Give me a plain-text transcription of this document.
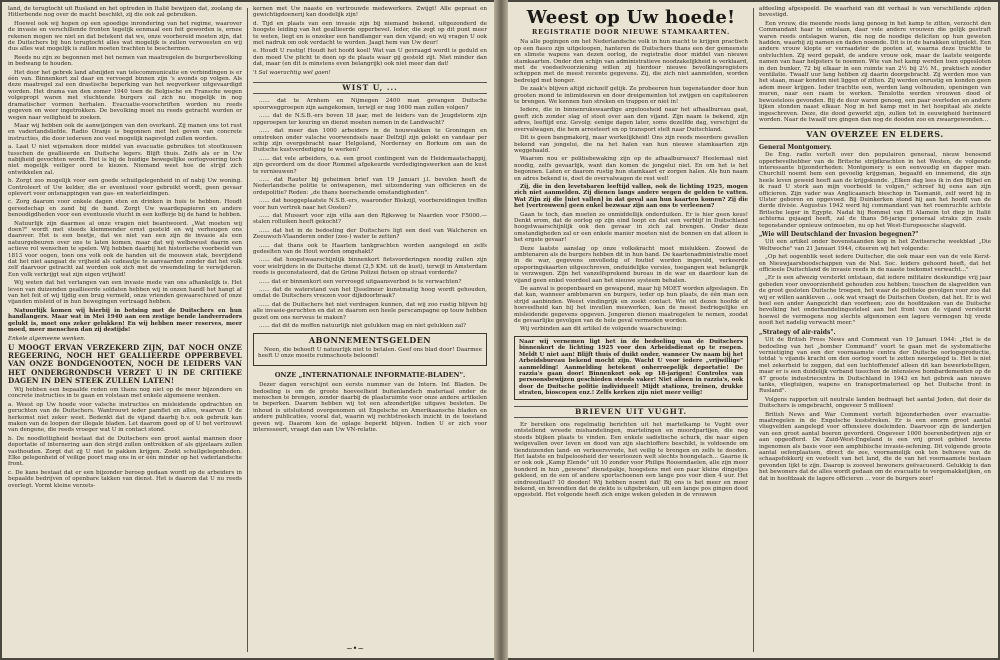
land, de terugtocht uit Rusland en het optreden in Italië bewijzen dat, zoolang de Hitlerbende nog over de macht beschikt, zij die ook zal gebruiken.

Hoewel ook wij hopen op een spoedige inrondering van het regime, waarover de invasie en verschillende fronten tegelijk eenmaal een feit geworden is, ernee rekenen mogen we niet en dat betekent dat we, onze voorbereid moeten zijn, dat de Duitschers bij hun terugtocht alles wat mogelijk is zullen verwoesten en wij dus alles wat mogelijk is zullen moeten trachten te beschermen.

Reeds nu zijn ze begonnen met het nemen van maatregelen de burgerbevolking in bedwang te houden.

Het door het gebrek land afsnijden van telecommunicatie en verbindingen is er één van. Binnenkort zal daar en vervoegd binnen zijn 's avonds op volgen. Als deze maatregel zal een drastische beperking van het wegverkeer uitgevaardigd worden. Het drama van den zomer 1940 toen de Belgische en Fransche wegen volgepropt waren met vluchtende burgers zal zich nu mogelijk in nog dramatischer vormen herhalen. Evacuatie-voorschriften worden nu reeds gegeven en weer ingetrokken. De bevolking moet nu reeds getracht worden er wegen naar veiligheid te zoeken.

Maar wij hebben ook de aanwijzingen van den overkant. Zij manen ons tot rust en vaderlandsliefde. Radio Oranje is begonnen met het geven van concrete instructies, die door iedereen zoo veel mogelijk nagevolgd zullen worden.

a. Laat U niet wijsmaken door middel van evacuatie gebruikes tot stootkussen tusschen de geallieerde en Duitsche legers. Blijft thuis. Zelfs als er in Uw nabijheid gevochten wordt. Het is bij de huidige bewegelijke oorlogvoering toch niet mogelijk veiliger oord te kiezen. Niemand weet hoe de strijd zich ontwikkelen zal.

b. Zorgt zoo mogelijk voor een goede schuilgelegenheid in of nabij Uw woning. Controleert of Uw kelder, die er eventueel voor gebruikt wordt, geen gevaar oplevert voor ontsnappingen van gas- en waterleidingen.

c. Zorg daarom voor enkele dagen eten en drinken in huis te hebben. Houdt gereedschap en zand bij de hand. Zorgt Uw waardepapieren en andere benoodigdheden voor een eventueele vlucht in een kofferje bij de hand te hebben.

Natuurlijk zijn daarmee al onze vragen niet beantwoord. „Wat moeten wij doen?" wordt met steeds klemmender ernst gesteld en wij verheugen ons daarover. Het is een beetje, dat we niet van een zijn de invasie als een natuurgebeuren over ons te laten komen, maar dat wij welbewust daarin een actieve rol wenschen te spelen. Wij hebben daarbij het historische voorbeeld van 1813 voor oogen, toen ons volk ook de handen uit de mouwen stak, bevrijdend dat het niet aangaat de vrijheid als cadeautje te aanvaarden zonder dat het volk zelf daarvoor getracht zal worden ook zich met de vreemdeling te verwijderen. Een volk verkrijgt wat zijn eigen vrijheid!

Wij weten dat het verlangen van een invasie mede van ons afhankelijk is. Het leven van duizenden geallieerde soldaten hebben wij in onzen handl het hangt af van het feit of wij tijdig een brug vermeld, onze vrienden gewaarschuwd of onze vijanden misleid of in hun bewegingen vertraagd hebben.

Natuurlijk komen wij hierbij in botsing met de Duitschers en hun handlangers. Maar wat in Mei 1940 aan een zestige bende landverraders gelukt is, moet ons zeker gelukken! En wij hebben meer reserves, meer moed, meer menschen dan zij destijds!

Enkele algemeene wenken.

U MOOGT ERVAN VERZEKERD ZIJN, DAT NOCH ONZE REGEERING, NOCH HET GEALLIEERDE OPPERBEVEL VAN ONZE BONDGENOOTEN, NOCH DE LEIDERS VAN HET ONDERGRONDSCH VERZET U IN DE CRITIEKE DAGEN IN DEN STEEK ZULLEN LATEN!

Wij hebben een bepaalde reden om thans nog niet op de meer bijzondere en concrete instructies in te gaan en volstaan met enkele algemeene wenken.

a. Weest op Uw hoede voor valsche instructies en misleidende opdrachten en geruchten van de Duitschers. Wantrouwt ieder pamflet en alles, waarvan U de herkomst niet zeker weet. Bedenkt dat de vijand daarbij b.v. ook gebruik kan maken van de loopen der illegale bladen. Let daarom goed op of U het vertrouwt van dengene, die reeds vroeger wat U in contact stond.

b. De noodlottigheid bestaat dat de Duitschers een groot aantal mannen door deportatie of internering aan den strijd zullen onttrekken of als gijzelaars zullen vasthouden. Zorgt dat zij U niet te pakken krijgen. Zoekt schuilgelegenheden. Elke gelegenheid of veilige poort mag ons in er één minder op het vaderlandsche front.

c. De kans bestaat dat er een bijzonder beroep gedaan wordt op de arbeiders in bepaalde bedrijven of openbare takken van dienst. Het is daarom dat U nu reeds overlegt. Vormt kleine verzets-

kernen met Uw naaste en vertrouwde medewerkers. Zwijgt! Alle gepraat en gewichtigdoenerij kan doodelijk zijn!

d. Tijd en plaats van een invasie zijn bij niemand bekend, uitgezonderd de hoogste leiding van het geallieerde opperbevel. Ieder, die zegt op dit punt meer te weten, liegt en is onzeker een handlanger van den vijand; en wij vragen U ook met nadruk om ook verdacht te worden. Jaagt hem van Uw deur!

e. Houdt U rustig! Houdt het hoofd koel! Wat van U gevraagd wordt is geduld en den moed Uw plicht te doen op de plaats waar gij gesteld zijt. Niet minder dan dat, maar (en dit is minstens even belangrijk) ook niet meer dan dat!

't Sal waerachtig wel gaen!

WIST U, ...

...... dat te Arnhem en Nijmegen 2400 man gevangen Duitsche spoorweggroepen zijn aangekomen, terwijl er nog 1600 man zullen volgen?

...... dat de N.S.B.-ers boven 18 jaar, met de leiders van de Jeugdstorm zijn opgeroepen ter keuring en dienst moeten nemen in de Landwacht?

...... dat meer dan 1000 arbeiders in de houwvakken te Groningen en omstreken onder valsche voorwendsels naar Delfzijl zijn gelokt en vandaar per schip zijn overgebracht naar Helgoland, Norderney en Borkum om aan de Duitsche kustverdediging te werken?

...... dat vele arbeiders, o.a. een groot contingent van de Heidemaatschappij, zijn gevorderd om de door Rommel afgekeurde verdedigingswerken aan de kust te vernieuwen?

...... dat Rauter bij geheimen brief van 19 Januari j.l. bevolen heeft de Nederlandsche politie te ontwapenen, met uitzondering van officieren en de ordepolitie? Reden: „de thans heerschende omstandigheden".

...... dat hooggeplaatste N.S.B.-ers, waaronder Blokzijl, voorbereidingen treffen voor hun vertrek naar het Oosten?

...... dat Mussert voor zijn villa aan den Rijksweg te Naarden voor F5000.— stalen rolluiken heeft gekocht?

...... dat het in de bedoeling der Duitschers ligt een deel van Walcheren en Zeeuwsch-Vlaanderen onder (zee-) water te zetten?

...... dat thans ook te Haarlem tankgrachten worden aangelegd en zelfs gedeelten van de Hout worden omgehakt?

...... dat hoogstwaarschijnlijk binnenkort fietsvorderingen noodig zullen zijn voor wielrijders in de Duitsche dienst (2,5 KM. uit de kust), terwijl in Amsterdam reeds is geconstateerd, dat de Grüne Polizei fietsen op straat vorderde?

...... dat er binnenkort een vervroegd uitgaansverbod is te verwachten?

...... dat de waterstand van het IJsselmeer kunstmatig hoog wordt gehouden, omdat de Duitschers vreezen voor dijkdoorbraak?

...... dat de Duitschers het niet verdragen kunnen, dat wij zoo rustig blijven bij alle invasie-geruchten en dat ze daarom een heele perscampagne op touw hebben gezet om ons nerveus te maken?

...... dat dit de moffen natuurlijk niet gelukken mag en niet gelukken zal?

ABONNEMENTSGELDEN

Neen, die behoeft U natuurlijk niet te betalen. Geef ons blad door! Daarmee heeft U onze moeite ruimschoots beloond!

ONZE „INTERNATIONALE INFORMATIE-BLADEN".

Dezer dagen verschijnt een eerste nummer van de Intern. Inf. Bladen. De bedoeling is om de groote hoeveelheid buitenlandsch materiaal onder de menschen te brengen, zonder daarbij de plaatsruimte voor onze andere artikelen te beperken. Daarom hebben wij tot een afzonderlijke uitgave besloten. De inhoud is uitsluitend overgenomen uit Engelsche en Amerikaansche bladen en andere publicaties, vooral dat, waarin wij rechtstreeksch inzicht in de toestand geven wij. Daarom kon de oplage beperkt blijven. Indien U er zich voor interesseert, vraagt dan aan Uw VN-relatie.

Weest op Uw hoede!
REGISTRATIE DOOR NIEUWE STAMKAARTEN.

Na alle pogingen om het Nederlandsche volk in hun macht te krijgen practisch op een fiasco zijn uitgeloopen, hanteren de Duitschers thans een der gemeenste en slimste wapens van dezen oorlog, de registratie door middel van nieuwe stamkaarten. Onder den schijn van administratieve noodzakelijkheid is verklaard, met de voedselvoorziening willen zij hierdoor nieuwe bevolkingsregisters scheppen met de meest recente gegevens. Zij, die zich niet aanmelden, worden bedreigd met honger.

De zaak's blijven altijd zichzelf gelijk. Ze probeeren hun tegenstander door hun grooten mond te intimideeren en door dreigementen tot zwijgen en capituleeren te brengen. We kennen hun streken en trappen er niet in!

Iedere, die in binnenrukswaardige argeloosheid naar het afhaalbureau gaat, geeft zich zonder slag of stoot over aan den vijand. Zijn naam is bekend, zijn adres, leeftijd enz. Gevolg: eenige dagen later, soms dezelfde dag, verschijnt de overvalwagen, die hem arresteert en op transport stelt naar Duitschland.

Dit is geen bangmakerij, maar werkelijkheid! Ons zijn reeds meerdere gevallen bekend van jongelui, die na het halen van hun nieuwe stamkaarten zijn weggehaald.

Waarom nou er politiebewaking zijn op de afhaalbureaux? Heelemaal niet noodig, zelfs gevaarlijk, want dan komen de jongelui niet. En om het is het begonnen. Laten er daarom rustig hun stamkaart er zorgen halen. Als hun naam en adres bekend is, doet de overvalwagen de rest wel!

Zij, die in den levetsbaren leeftijd vallen, ook de lichting 1925, mogen zich niet aanmelden. Zij dienen langs andere wegen de gelden te vatten. Wat Zijn zij die [niet vallen] in dat geval aan hun kaarten komen? Zij die het [vertrouwen] geen enkel bezwaar zijn aan ons te verleenen?

Gaan te toch, dan moeten ze onmiddellijk onderduiken. Er is hier geen keus! Denkt erom, dat de oorlog op zijn eind loopt en dat een verblijf in Duitschland hoogstwaarschijnlijk ook den gevaar in zich zal brengen. Onder deze omstandigheden zal er een enkele manier moeten niet de bonnen en dat alleen is het ergste gevaar!

Deze laatste aanslag op onze volkskracht moet mislukken. Zoowel de ambtenaren als de burgers hebben dit in hun hand. De kaartenadministratie moet in de war, gegevens onvolledig of foutief worden ingevuld, verkeerde opsporingskaarten uitgeschreven, onduidelijke versies, toegangen wat belangrijk is verzwegen. Zijn het vanzelfsprekend bureau in de war en daardoor kan de vijand geen enkel voordeel aan het nieuwe systeem behalen.

De aanval is geopenbaard en gewapend, maar hij MOET worden afgeslagen. En dat kan, wanneer ambtenaren en burgers, ieder op hun plaats, de één man een strijd aanbinden. Weest vindingrijk en zoekt contact. Wie uit dezen hoofde of hoeveelheid kan bij het invullen meewerken, kan de meest bedriegelijke en misleidende gegevens opgeven. Jongeren dienen maatregelen te nemen, zoodat de gevaarlijke gevolgen van de hele geval vermeden worden.

Wij verbinden aan dit artikel de volgende waarschuwing:

Naar wij vernemen ligt het in de bedoeling van de Duitschers binnenkort de lichting 1925 voor den Arbeidsdienst op te roepen. Meldt U niet aan! Blijft thuis of duikt onder, wanneer Uw naam bij het Arbeidsbureau bekend mocht zijn. Wacht U voor iedere „vrijwillige" aanmelding! Aanmelding betekent onherroepelijk deportatie! De razzia's gaan door! Binnenkort ook op 18-jarigen! Controles van persoonsbewijzen geschieden steeds vaker! Niet alleen in razzia's, ook door de Duitsche politie individueel! Mijdt stations, treinen, drukke straten, bioscopen enz.! Zelfs kerken zijn niet meer veilig!
BRIEVEN UIT VUGHT.

Er bereiken ons regelmatig berichten uit het martelkamp te Vught over ontstellend wreede mishandelingen, martelingen en moordpartijen, die nog steeds blijken plaats te vinden. Een enkele sadistische schurk, die naar eigen welgevallen over leven en dood van zijn slachtoffers beschikt, is voldoende om tienduizenden land- en verkeersvrede, het veilig te brengen en zelfs te dooden. Het laatste en hulpeloosheid der weerloozen welt slechts hoongelach... Gaarne ik er ook ook „Kamp Elende" uit 10 zonder voor Philips Roosendaelen, alle zijn meer honderd in hun „gewone" dienstpakje, hoogstens met een paar kleine dingetjes gekleed, en de een of andere sportschoenen een lange pos voor dien 4 uur. Het eindresultaat? 10 dooden! Wij hebben noemt dat! Bij ons is het meer en meer bekend, en bovendien dat de ziekte is uitgebroken, uit een lange pos gingen dood opgesteld. Het volgende heeft zich enige weken geleden in de vrouwen

afdeeling afgespeeld. De waarheid van dit verhaal is van verschillende zijden bevestigd.

Een vrouw, die meende reeds lang genoeg in het kamp te zitten, verzocht den Commandant haar te ontslaan, daar vele andere vrouwen die gelijk gestraft waren reeds ontslagen waren, die nog de noodige deliciten op hun geweten hadden, waarbij zij namen en daden noemde. Dit is in de barakken uitgelekt. Een andere vrouw klopte er verraadster de pooten af, waarna deze trachtte te ontvluchten. Zij werd gepakt, de andere vrouw ook, maar de laatste weigerde namen van haar helpsters te noemen. Wie van het kamp werden toen opgesloten in den bunker, 72 bij elkaar in een ruimte van 2½ bij 2½ M., praktisch zonder ventilatie. Twaalf uur lang hebben zij daarin doorgebracht. Zij werden moe van het staan, maar konden niet liggen of zitten. Zij werden onrustig en konden geen adem meer krijgen. Ieder trachtte een, werden lang volhouden, openingen van muren, naar een raam te werken. Tenslotte werden vrouwen dood of bewusteloos gevonden. Bij de deur waren genoeg, een paar overleden en andere lijken stonden naast elkaar. Nog in het kamp met in het hospitaal als ziekte ingeschreven. Deze, die dood gewerkt zijn, zullen tot in eeuwigheid herinnerd worden. Naar de twaalf ure gingen dan nog de dooden zoo en zwaargewonden...

VAN OVERZEE EN ELDERS.
General Montgomery.

De Eng. radio vertelt over den populairen generaal, nieuw benoemd opperbevelhebber van de Britsche strijdkrachten in het Westen, de volgende interessante bijzonderheden: Montgomery is een eenvoudig en dapper man. Churchill noemt hem een gevoelig krijgsman, begaafd en innemend, die zijn heele leven geweid heeft aan de krijgskunde. „Elken dag lees ik in den Bijbel en ik raad U sterk aan mijn voorbeeld te volgen," schreef hij eens aan zijn officieren. Zijn vader was Anglicaansch bisschop in Tasmanië, zelf werd hij in Ulster geboren en opgevoed. Bij Duinkerken stond hij aan het hoofd van de derde divisie. Augustus 1942 werd hij commandant van het roemruchte achtste Britsche leger in Egypte. Nadat hij Rommel van El Alamein tot diep in Italië achterna gejaagd heeft, zal de thans 56-jarige generaal straks zijn zoals tegenstander opnieuw ontmoeten, nu op het West-Europeesche slagveld.

„Wie will Deutschland der Invasion begegnen?"

Uit een artikel onder bovenstaanden kop in het Zwitsersche weekblad „Die Weltwoche" van 21 Januari 1944, citeeren wij het volgende:

„Op het oogenblik weet iedere Duitscher, die ook maar een van de vele Kerst- en Nieuwjaarsboodschappen van de Nat. Soc. leiders gehoord heeft, dat het officieele Duitschland de invasie reeds in de naaste toekomst verwacht..."

„Er is een afwezig versterkt ontstaan, dat iedere militaire deskundige vrij jaar gebeden voor onvoorzienheid gehouden zou hebben; tusschen de slagvelden van de groot gesloten Duitsche troepen, het waar de politieke gevolgen voor zoo dat wij er willen aankleven ... ook wat vraagt de Duitschen Oosten, dat het. Er is wel heel een ander Aangezicht dan voorheen; zoo de hoofdzaken van de Duitsche bevolking het onderhandelingsstelsel aan het front van de vijand versterkt hoewel de vermogens nog slechts afgenomen een lagere vermogen hij vrede nooit het nadelig verwacht meer."

„Strategy of air-raids".

Uit de British Press News and Comment van 19 Januari 1944: „Het is de bedoeling van het „bomber Command" voort te gaan met de systematische vernietiging van een der voornaamste centra der Duitsche oorlogsproductie, totdat 's vijands kracht om den oorlog voort te zetten neergelegd is. Het is niet met zekerheid te zeggen, dat een luchtoffensief alleen dit kan bewerkstelligen, maar er is een duidelijk verband tusschen de intensieve bombardementen op de 47 groote industriecentra in Duitschland in 1943 en het gebrek aan nieuwe tanks, vliegtuigen, wapens en transportmaterieel op het Duitsche front in Rusland".

Volgens rapporten uit neutrale landen bedraagt het aantal Joden, dat door de Duitschers is omgebracht, ongeveer 5 millioen!

British News and War Comment vertelt bijzonderheden over evacuatie-maatregelen in de Engelsche kuststreken. Er is een enorm groot aantal vliegvelden aangelegd voor offensieve doeleinden. Daarvoor zijn de landerijen van een groot aantal boeren gevorderd. Ongeveer 1000 boerenbedrijven zijn er aan opgeofferd. De Zuid-West-Engeland is een vrij groot gebied tevens ingenomen als basis voor een amphibische invasie-oefening. Dit volgende groote aantal oefenplaatsen, direct de zee, voornamelijk ook ten behoeve van de schaapsfokkerij en veeteelt van het land, die de van het voornaamste bestaan gevonden lijkt te zijn. Daarop is zooveel bewoners geëvacueerd. Gelukkig is dan het bewoners dat de alles wordt gedaan om de evacuatie te vergemakkelijken, en dat in hoofdzaak de lagere officieren ... voor de burgers zeer!

~•~
